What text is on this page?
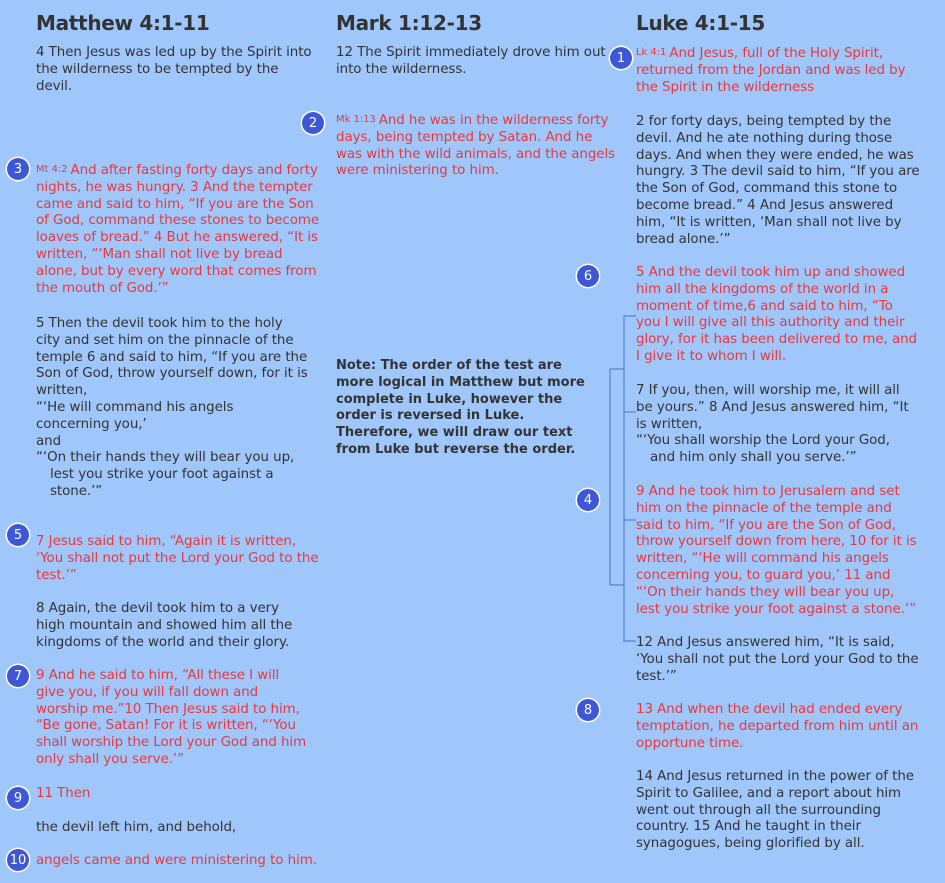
Matthew 4:1-11	Mark 1:12-13	Luke 4:1-15

4 Then Jesus was led up by the Spirit into the wilderness to be tempted by the devil.

$^{Mt 4:2}$ And after fasting forty days and forty nights, he was hungry. 3 And the tempter came and said to him, “If you are the Son of God, command these stones to become loaves of bread.” 4 But he answered, “It is written, “‘Man shall not live by bread alone, but by every word that comes from the mouth of God.’”

5 Then the devil took him to the holy city and set him on the pinnacle of the temple 6 and said to him, “If you are the Son of God, throw yourself down, for it is written,

“‘He will command his angels concerning you,’

and

“‘On their hands they will bear you up,

lest you strike your foot against a stone.’”

7 Jesus said to him, “Again it is written, ‘You shall not put the Lord your God to the test.’”

8 Again, the devil took him to a very high mountain and showed him all the kingdoms of the world and their glory.

9 And he said to him, “All these I will give you, if you will fall down and worship me.”10 Then Jesus said to him, “Be gone, Satan! For it is written, “‘You shall worship the Lord your God and him only shall you serve.’”

11 Then

the devil left him, and behold,

angels came and were ministering to him.

12 The Spirit immediately drove him out into the wilderness.

$^{Mk 1:13}$ And he was in the wilderness forty days, being tempted by Satan. And he was with the wild animals, and the angels were ministering to him.

Note: The order of the test are more logical in Matthew but more complete in Luke, however the order is reversed in Luke. Therefore, we will draw our text from Luke but reverse the order.

$^{Lk 4:1}$ And Jesus, full of the Holy Spirit, returned from the Jordan and was led by the Spirit in the wilderness

2 for forty days, being tempted by the devil. And he ate nothing during those days. And when they were ended, he was hungry. 3 The devil said to him, “If you are the Son of God, command this stone to become bread.” 4 And Jesus answered him, “It is written, ‘Man shall not live by bread alone.’”

5 And the devil took him up and showed him all the kingdoms of the world in a moment of time,6 and said to him, “To you I will give all this authority and their glory, for it has been delivered to me, and I give it to whom I will.

7 If you, then, will worship me, it will all be yours.” 8 And Jesus answered him, “It is written,

“‘You shall worship the Lord your God,

and him only shall you serve.’”

9 And he took him to Jerusalem and set him on the pinnacle of the temple and said to him, “If you are the Son of God, throw yourself down from here, 10 for it is written, “‘He will command his angels concerning you, to guard you,’ 11 and

“‘On their hands they will bear you up,

lest you strike your foot against a stone.’”

12 And Jesus answered him, “It is said, ‘You shall not put the Lord your God to the test.’”

13 And when the devil had ended every temptation, he departed from him until an opportune time.

14 And Jesus returned in the power of the Spirit to Galilee, and a report about him went out through all the surrounding country. 15 And he taught in their synagogues, being glorified by all.

1
2
3
4
5
6
7
8
9
10
